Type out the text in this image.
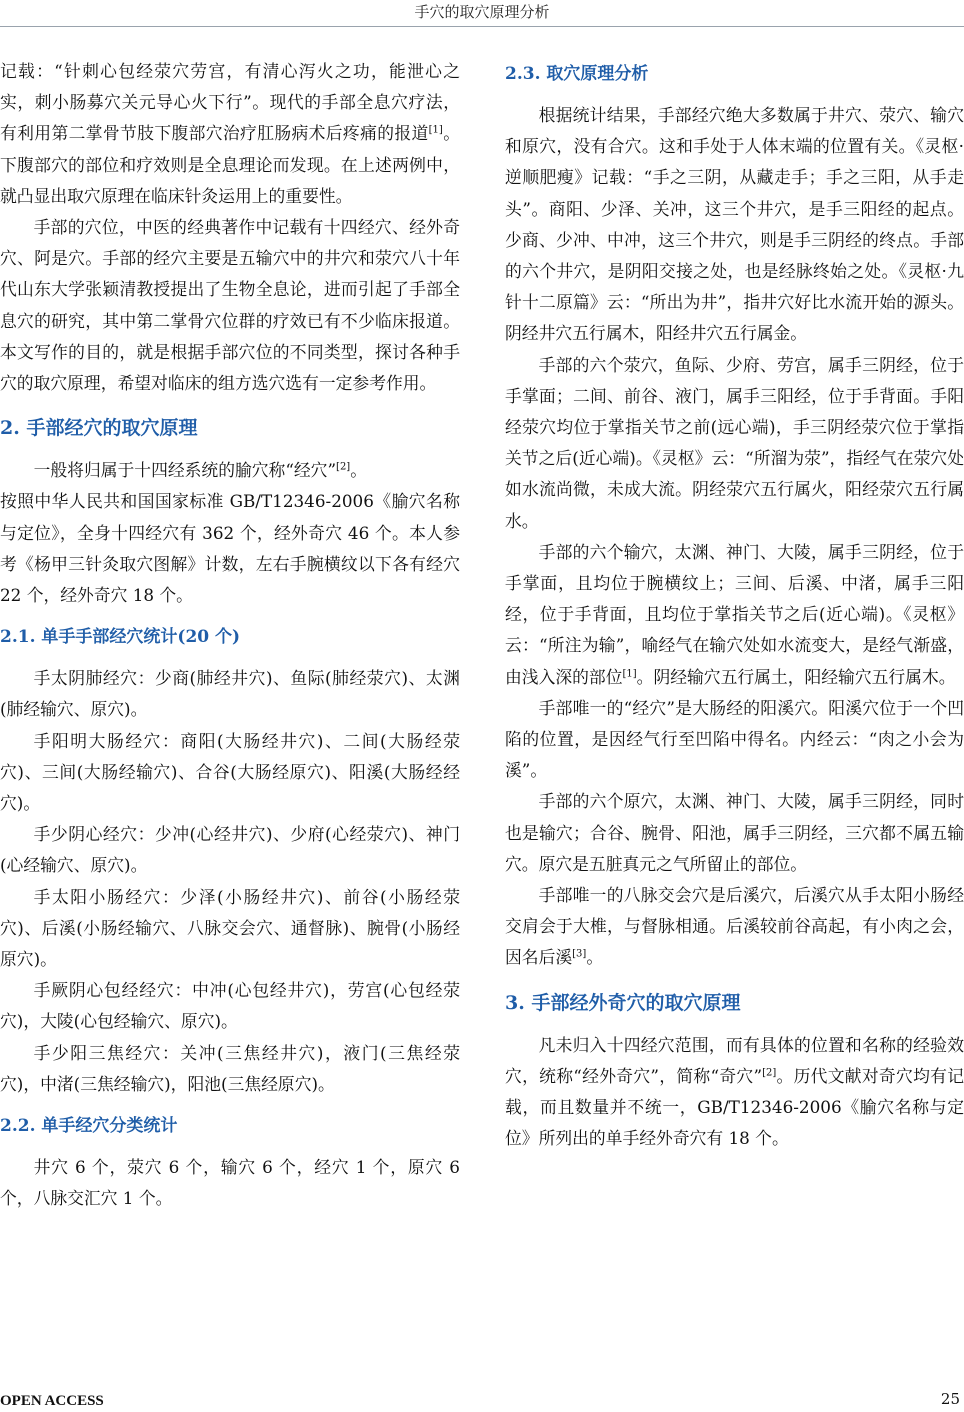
手穴的取穴原理分析

记载：“针刺心包经荥穴劳宫，有清心泻火之功，能泄心之实，刺小肠募穴关元导心火下行”。现代的手部全息穴疗法，有利用第二掌骨节肢下腹部穴治疗肛肠病术后疼痛的报道[1]。下腹部穴的部位和疗效则是全息理论而发现。在上述两例中，就凸显出取穴原理在临床针灸运用上的重要性。

手部的穴位，中医的经典著作中记载有十四经穴、经外奇穴、阿是穴。手部的经穴主要是五输穴中的井穴和荥穴八十年代山东大学张颖清教授提出了生物全息论，进而引起了手部全息穴的研究，其中第二掌骨穴位群的疗效已有不少临床报道。本文写作的目的，就是根据手部穴位的不同类型，探讨各种手穴的取穴原理，希望对临床的组方选穴选有一定参考作用。

2. 手部经穴的取穴原理

一般将归属于十四经系统的腧穴称“经穴”[2]。

按照中华人民共和国国家标准 GB/T12346-2006《腧穴名称与定位》，全身十四经穴有 362 个，经外奇穴 46 个。本人参考《杨甲三针灸取穴图解》计数，左右手腕横纹以下各有经穴 22 个，经外奇穴 18 个。

2.1. 单手手部经穴统计(20 个)

手太阴肺经穴：少商(肺经井穴)、鱼际(肺经荥穴)、太渊(肺经输穴、原穴)。

手阳明大肠经穴：商阳(大肠经井穴)、二间(大肠经荥穴)、三间(大肠经输穴)、合谷(大肠经原穴)、阳溪(大肠经经穴)。

手少阴心经穴：少冲(心经井穴)、少府(心经荥穴)、神门(心经输穴、原穴)。

手太阳小肠经穴：少泽(小肠经井穴)、前谷(小肠经荥穴)、后溪(小肠经输穴、八脉交会穴、通督脉)、腕骨(小肠经原穴)。

手厥阴心包经经穴：中冲(心包经井穴)，劳宫(心包经荥穴)，大陵(心包经输穴、原穴)。

手少阳三焦经穴：关冲(三焦经井穴)，液门(三焦经荥穴)，中渚(三焦经输穴)，阳池(三焦经原穴)。

2.2. 单手经穴分类统计

井穴 6 个，荥穴 6 个，输穴 6 个，经穴 1 个，原穴 6 个，八脉交汇穴 1 个。

2.3. 取穴原理分析

根据统计结果，手部经穴绝大多数属于井穴、荥穴、输穴和原穴，没有合穴。这和手处于人体末端的位置有关。《灵枢·逆顺肥瘦》记载：“手之三阴，从藏走手；手之三阳，从手走头”。商阳、少泽、关冲，这三个井穴，是手三阳经的起点。少商、少冲、中冲，这三个井穴，则是手三阴经的终点。手部的六个井穴，是阴阳交接之处，也是经脉终始之处。《灵枢·九针十二原篇》云：“所出为井”，指井穴好比水流开始的源头。阴经井穴五行属木，阳经井穴五行属金。

手部的六个荥穴，鱼际、少府、劳宫，属手三阴经，位于手掌面；二间、前谷、液门，属手三阳经，位于手背面。手阳经荥穴均位于掌指关节之前(远心端)，手三阴经荥穴位于掌指关节之后(近心端)。《灵枢》云：“所溜为荥”，指经气在荥穴处如水流尚微，未成大流。阴经荥穴五行属火，阳经荥穴五行属水。

手部的六个输穴，太渊、神门、大陵，属手三阴经，位于手掌面，且均位于腕横纹上；三间、后溪、中渚，属手三阳经，位于手背面，且均位于掌指关节之后(近心端)。《灵枢》云：“所注为输”，喻经气在输穴处如水流变大，是经气渐盛，由浅入深的部位[1]。阴经输穴五行属土，阳经输穴五行属木。

手部唯一的“经穴”是大肠经的阳溪穴。阳溪穴位于一个凹陷的位置，是因经气行至凹陷中得名。内经云：“肉之小会为溪”。

手部的六个原穴，太渊、神门、大陵，属手三阴经，同时也是输穴；合谷、腕骨、阳池，属手三阴经，三穴都不属五输穴。原穴是五脏真元之气所留止的部位。

手部唯一的八脉交会穴是后溪穴，后溪穴从手太阳小肠经交肩会于大椎，与督脉相通。后溪较前谷高起，有小肉之会，因名后溪[3]。

3. 手部经外奇穴的取穴原理

凡未归入十四经穴范围，而有具体的位置和名称的经验效穴，统称“经外奇穴”，简称“奇穴”[2]。历代文献对奇穴均有记载，而且数量并不统一，GB/T12346-2006《腧穴名称与定位》所列出的单手经外奇穴有 18 个。

OPEN ACCESS	25
